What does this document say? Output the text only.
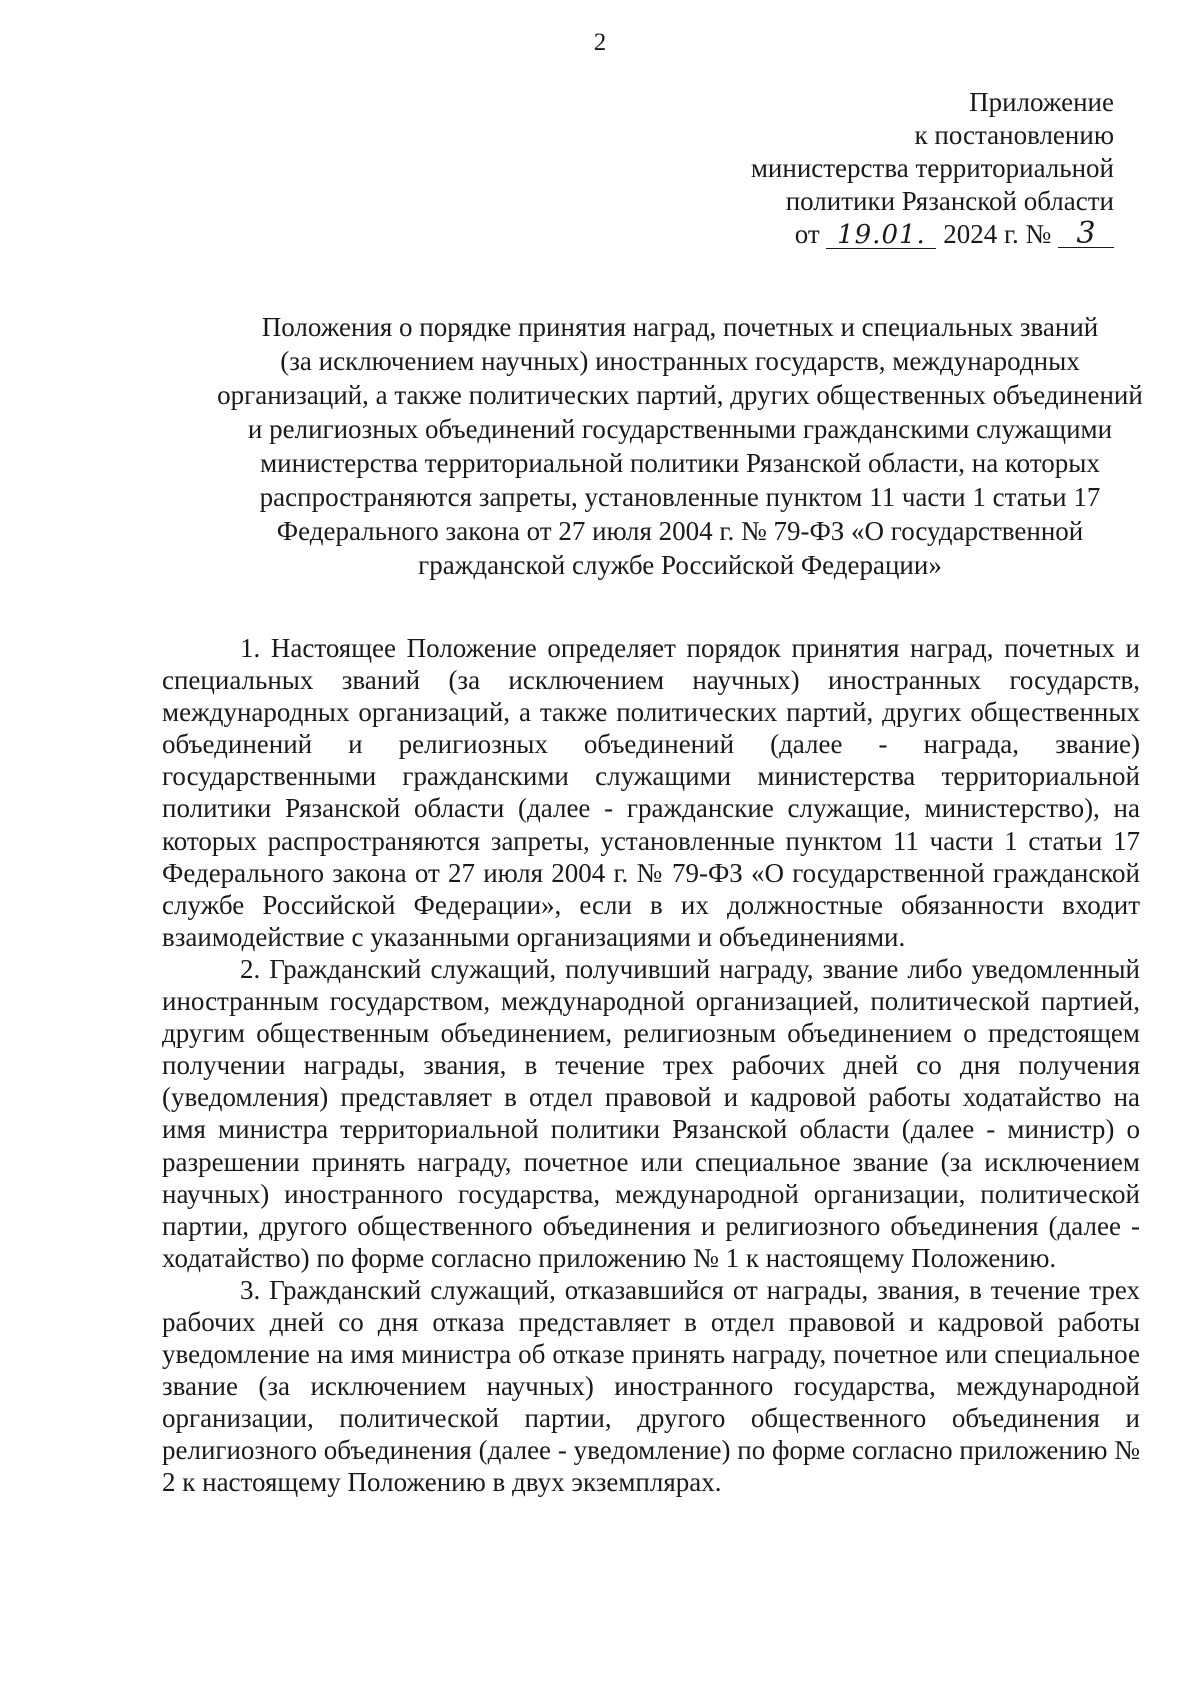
2
Приложение
к постановлению
министерства территориальной
политики Рязанской области
от 19.01. 2024 г. № 3
Положения о порядке принятия наград, почетных и специальных званий
(за исключением научных) иностранных государств, международных
организаций, а также политических партий, других общественных объединений
и религиозных объединений государственными гражданскими служащими
министерства территориальной политики Рязанской области, на которых
распространяются запреты, установленные пунктом 11 части 1 статьи 17
Федерального закона от 27 июля 2004 г. № 79-ФЗ «О государственной
гражданской службе Российской Федерации»

1. Настоящее Положение определяет порядок принятия наград, почетных и специальных званий (за исключением научных) иностранных государств, международных организаций, а также политических партий, других общественных объединений и религиозных объединений (далее - награда, звание) государственными гражданскими служащими министерства территориальной политики Рязанской области (далее - гражданские служащие, министерство), на которых распространяются запреты, установленные пунктом 11 части 1 статьи 17 Федерального закона от 27 июля 2004 г. № 79-ФЗ «О государственной гражданской службе Российской Федерации», если в их должностные обязанности входит взаимодействие с указанными организациями и объединениями.

2. Гражданский служащий, получивший награду, звание либо уведомленный иностранным государством, международной организацией, политической партией, другим общественным объединением, религиозным объединением о предстоящем получении награды, звания, в течение трех рабочих дней со дня получения (уведомления) представляет в отдел правовой и кадровой работы ходатайство на имя министра территориальной политики Рязанской области (далее - министр) о разрешении принять награду, почетное или специальное звание (за исключением научных) иностранного государства, международной организации, политической партии, другого общественного объединения и религиозного объединения (далее - ходатайство) по форме согласно приложению № 1 к настоящему Положению.

3. Гражданский служащий, отказавшийся от награды, звания, в течение трех рабочих дней со дня отказа представляет в отдел правовой и кадровой работы уведомление на имя министра об отказе принять награду, почетное или специальное звание (за исключением научных) иностранного государства, международной организации, политической партии, другого общественного объединения и религиозного объединения (далее - уведомление) по форме согласно приложению № 2 к настоящему Положению в двух экземплярах.
